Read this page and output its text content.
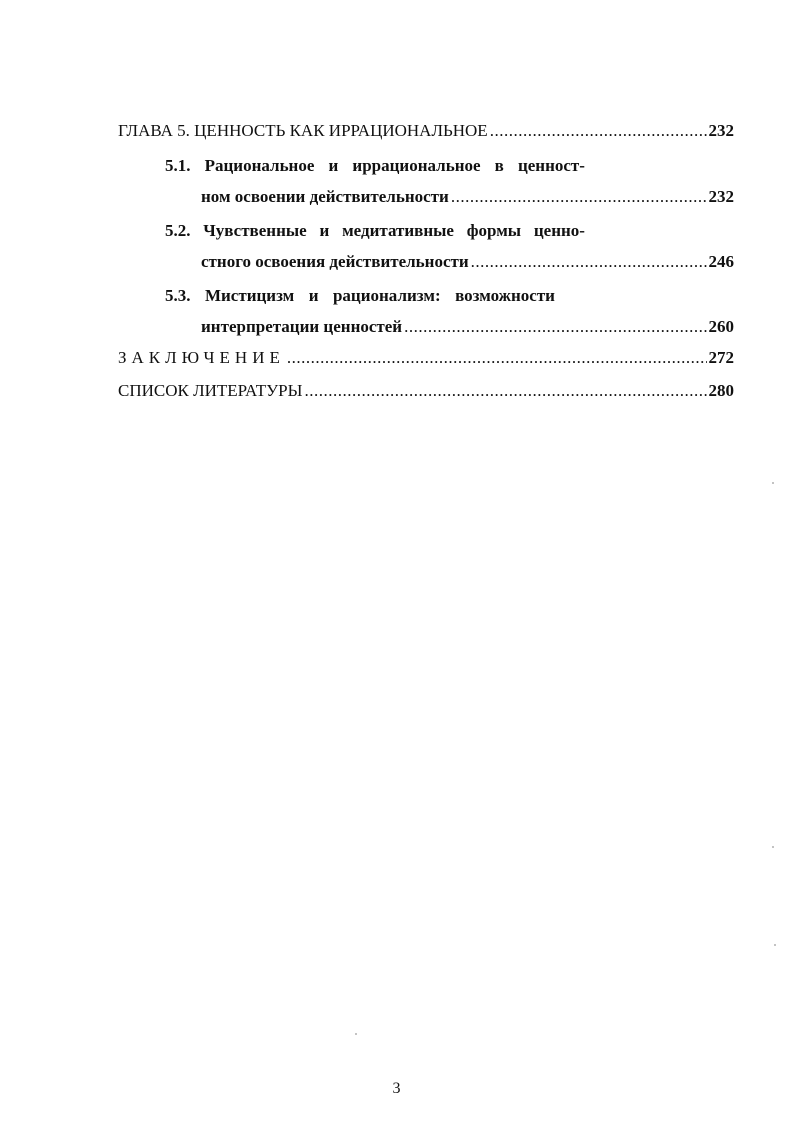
ГЛАВА 5. ЦЕННОСТЬ КАК ИРРАЦИОНАЛЬНОЕ .....	232
5.1. Рациональное и иррациональное в ценност-
ном освоении действительности .....	232
5.2. Чувственные и медитативные формы ценно-
стного освоения действительности .....	246
5.3. Мистицизм и рационализм: возможности
интерпретации ценностей .....	260
ЗАКЛЮЧЕНИЕ .....	272
СПИСОК ЛИТЕРАТУРЫ .....	280
3
